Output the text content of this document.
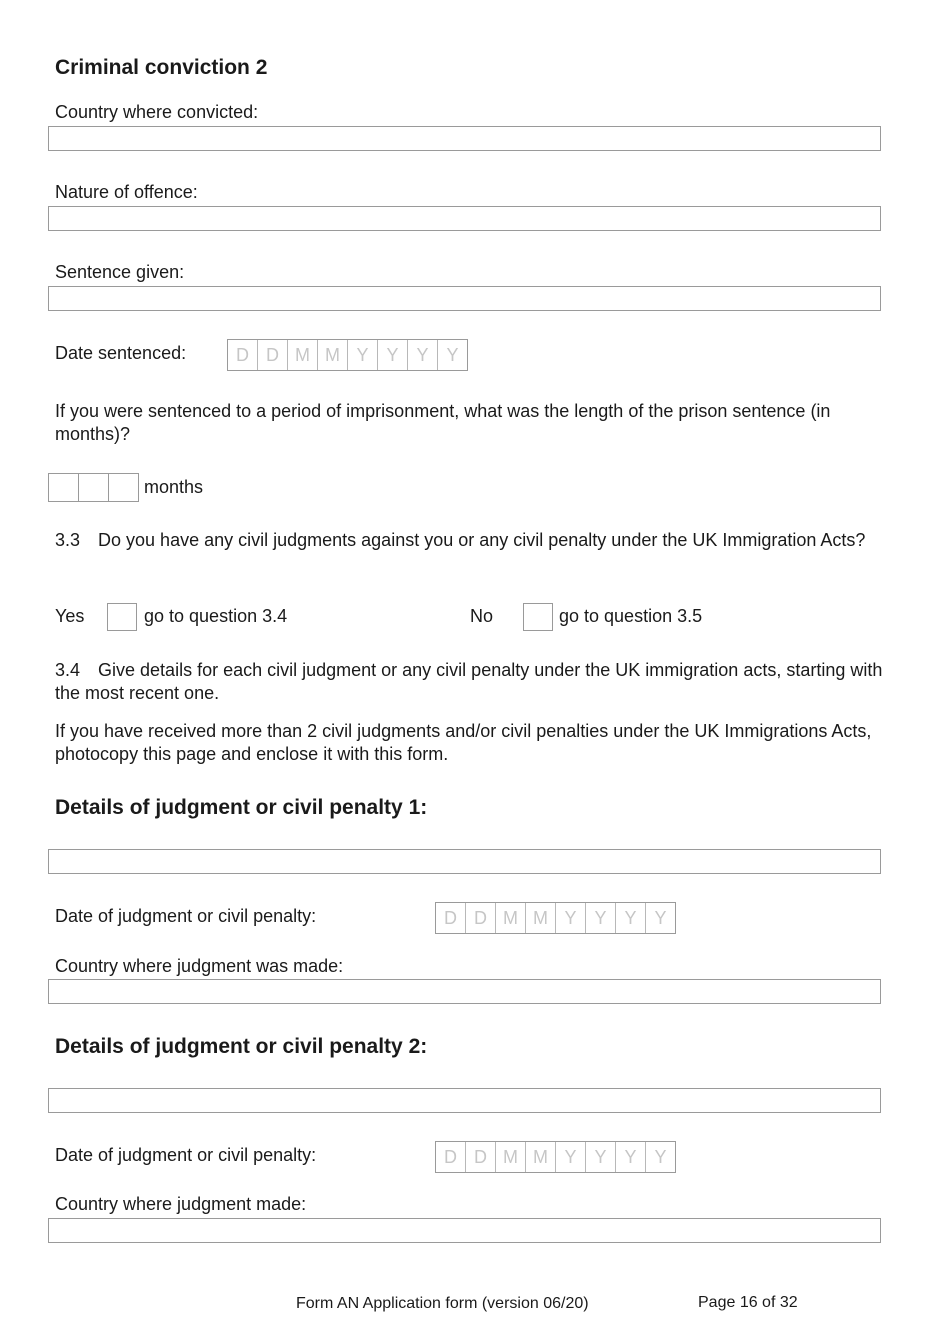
Criminal conviction 2
Country where convicted:
Nature of offence:
Sentence given:
Date sentenced:	D D M M Y Y Y Y
If you were sentenced to a period of imprisonment, what was the length of the prison sentence (in months)?
months
3.3 Do you have any civil judgments against you or any civil penalty under the UK Immigration Acts?
Yes	go to question 3.4	No	go to question 3.5
3.4 Give details for each civil judgment or any civil penalty under the UK immigration acts, starting with the most recent one.
If you have received more than 2 civil judgments and/or civil penalties under the UK Immigrations Acts, photocopy this page and enclose it with this form.
Details of judgment or civil penalty 1:
Date of judgment or civil penalty:	D D M M Y Y Y Y
Country where judgment was made:
Details of judgment or civil penalty 2:
Date of judgment or civil penalty:	D D M M Y Y Y Y
Country where judgment made:
Form AN Application form (version 06/20)	Page 16 of 32
